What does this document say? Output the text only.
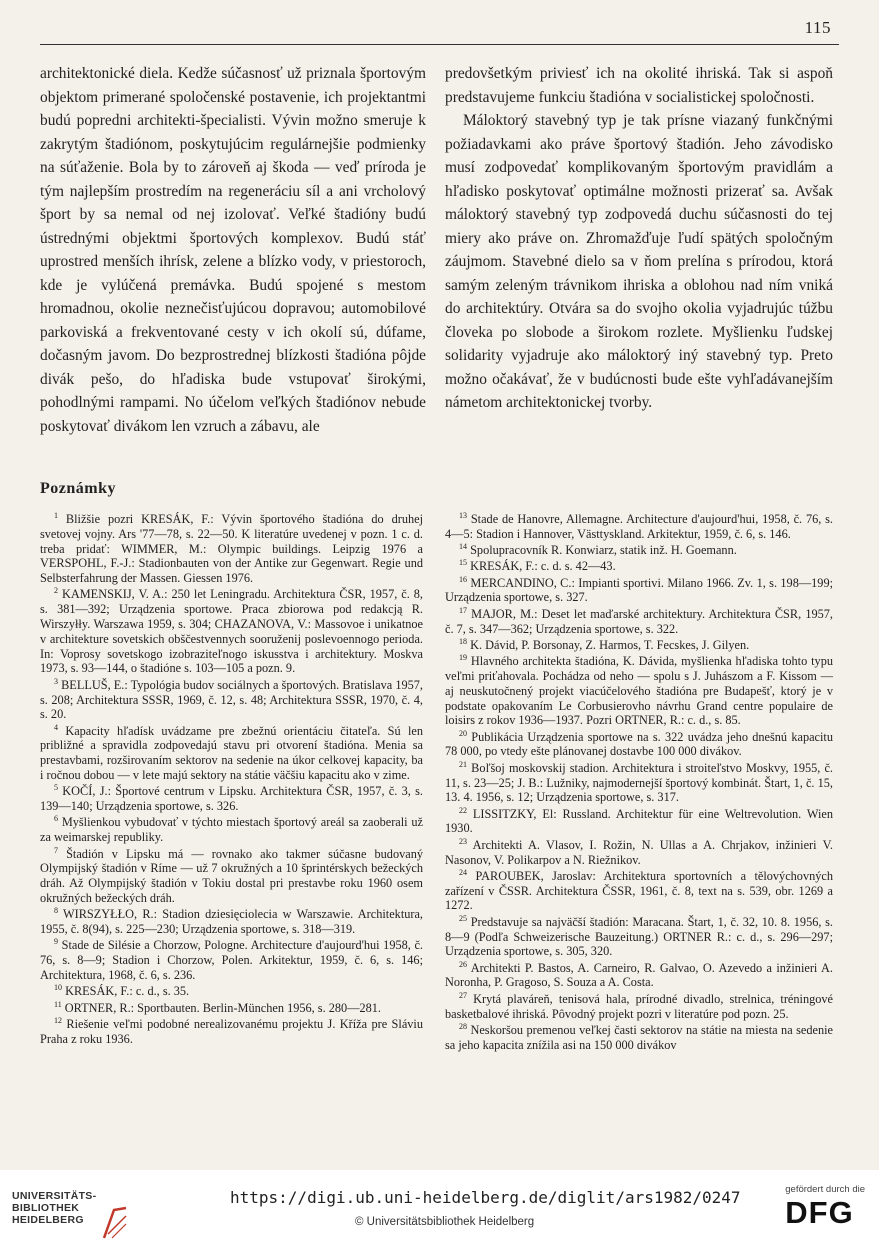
115

architektonické diela. Kedže súčasnosť už priznala športovým objektom primerané spoločenské postavenie, ich projektantmi budú popredni architekti-špecialisti. Vývin možno smeruje k zakrytým štadiónom, poskytujúcim regulárnejšie podmienky na súťaženie. Bola by to zároveň aj škoda — veď príroda je tým najlepším prostredím na regeneráciu síl a ani vrcholový šport by sa nemal od nej izolovať. Veľké štadióny budú ústrednými objektmi športových komplexov. Budú stáť uprostred menších ihrísk, zelene a blízko vody, v priestoroch, kde je vylúčená premávka. Budú spojené s mestom hromadnou, okolie neznečisťujúcou dopravou; automobilové parkoviská a frekventované cesty v ich okolí sú, dúfame, dočasným javom. Do bezprostrednej blízkosti štadióna pôjde divák pešo, do hľadiska bude vstupovať širokými, pohodlnými rampami. No účelom veľkých štadiónov nebude poskytovať divákom len vzruch a zábavu, ale

predovšetkým priviesť ich na okolité ihriská. Tak si aspoň predstavujeme funkciu štadióna v socialistickej spoločnosti.

Máloktorý stavebný typ je tak prísne viazaný funkčnými požiadavkami ako práve športový štadión. Jeho závodisko musí zodpovedať komplikovaným športovým pravidlám a hľadisko poskytovať optimálne možnosti prizerať sa. Avšak máloktorý stavebný typ zodpovedá duchu súčasnosti do tej miery ako práve on. Zhromažďuje ľudí spätých spoločným záujmom. Stavebné dielo sa v ňom prelína s prírodou, ktorá samým zeleným trávnikom ihriska a oblohou nad ním vniká do architektúry. Otvára sa do svojho okolia vyjadrujúc túžbu človeka po slobode a širokom rozlete. Myšlienku ľudskej solidarity vyjadruje ako máloktorý iný stavebný typ. Preto možno očakávať, že v budúcnosti bude ešte vyhľadávanejším námetom architektonickej tvorby.

Poznámky

$^1$ Bližšie pozri KRESÁK, F.: Vývin športového štadióna do druhej svetovej vojny. Ars '77—78, s. 22—50. K literatúre uvedenej v pozn. 1 c. d. treba pridať: WIMMER, M.: Olympic buildings. Leipzig 1976 a VERSPOHL, F.-J.: Stadionbauten von der Antike zur Gegenwart. Regie und Selbsterfahrung der Massen. Giessen 1976.

$^2$ KAMENSKIJ, V. A.: 250 let Leningradu. Architektura ČSR, 1957, č. 8, s. 381—392; Urządzenia sportowe. Praca zbiorowa pod redakcją R. Wirszyłły. Warszawa 1959, s. 304; CHAZANOVA, V.: Massovoe i unikatnoe v architekture sovetskich obščestvennych sooruženij poslevoennogo perioda. In: Voprosy sovetskogo izobraziteľnogo iskusstva i architektury. Moskva 1973, s. 93—144, o štadióne s. 103—105 a pozn. 9.

$^3$ BELLUŠ, E.: Typológia budov sociálnych a športových. Bratislava 1957, s. 208; Architektura SSSR, 1969, č. 12, s. 48; Architektura SSSR, 1970, č. 4, s. 20.

$^4$ Kapacity hľadísk uvádzame pre zbežnú orientáciu čitateľa. Sú len približné a spravidla zodpovedajú stavu pri otvorení štadióna. Menia sa prestavbami, rozširovaním sektorov na sedenie na úkor celkovej kapacity, ba i ročnou dobou — v lete majú sektory na státie väčšiu kapacitu ako v zime.

$^5$ KOČÍ, J.: Športové centrum v Lipsku. Architektura ČSR, 1957, č. 3, s. 139—140; Urządzenia sportowe, s. 326.

$^6$ Myšlienkou vybudovať v týchto miestach športový areál sa zaoberali už za weimarskej republiky.

$^7$ Štadión v Lipsku má — rovnako ako takmer súčasne budovaný Olympijský štadión v Ríme — už 7 okružných a 10 šprintérskych bežeckých dráh. Až Olympijský štadión v Tokiu dostal pri prestavbe roku 1960 osem okružných bežeckých dráh.

$^8$ WIRSZYŁŁO, R.: Stadion dziesięciolecia w Warszawie. Architektura, 1955, č. 8(94), s. 225—230; Urządzenia sportowe, s. 318—319.

$^9$ Stade de Silésie a Chorzow, Pologne. Architecture d'aujourd'hui 1958, č. 76, s. 8—9; Stadion i Chorzow, Polen. Arkitektur, 1959, č. 6, s. 146; Architektura, 1968, č. 6, s. 236.

$^{10}$ KRESÁK, F.: c. d., s. 35.

$^{11}$ ORTNER, R.: Sportbauten. Berlin-München 1956, s. 280—281.

$^{12}$ Riešenie veľmi podobné nerealizovanému projektu J. Kříža pre Sláviu Praha z roku 1936.

$^{13}$ Stade de Hanovre, Allemagne. Architecture d'aujourd'hui, 1958, č. 76, s. 4—5: Stadion i Hannover, Västtyskland. Arkitektur, 1959, č. 6, s. 146.

$^{14}$ Spolupracovník R. Konwiarz, statik inž. H. Goemann.

$^{15}$ KRESÁK, F.: c. d. s. 42—43.

$^{16}$ MERCANDINO, C.: Impianti sportivi. Milano 1966. Zv. 1, s. 198—199; Urządzenia sportowe, s. 327.

$^{17}$ MAJOR, M.: Deset let maďarské architektury. Architektura ČSR, 1957, č. 7, s. 347—362; Urządzenia sportowe, s. 322.

$^{18}$ K. Dávid, P. Borsonay, Z. Harmos, T. Fecskes, J. Gilyen.

$^{19}$ Hlavného architekta štadióna, K. Dávida, myšlienka hľadiska tohto typu veľmi priťahovala. Pochádza od neho — spolu s J. Juhászom a F. Kissom — aj neuskutočnený projekt viacúčelového štadióna pre Budapešť, ktorý je v podstate opakovaním Le Corbusierovho návrhu Grand centre populaire de loisirs z rokov 1936—1937. Pozri ORTNER, R.: c. d., s. 85.

$^{20}$ Publikácia Urządzenia sportowe na s. 322 uvádza jeho dnešnú kapacitu 78 000, po vtedy ešte plánovanej dostavbe 100 000 divákov.

$^{21}$ Boľšoj moskovskij stadion. Architektura i stroiteľstvo Moskvy, 1955, č. 11, s. 23—25; J. B.: Lužniky, najmodernejší športový kombinát. Štart, 1, č. 15, 13. 4. 1956, s. 12; Urządzenia sportowe, s. 317.

$^{22}$ LISSITZKY, El: Russland. Architektur für eine Weltrevolution. Wien 1930.

$^{23}$ Architekti A. Vlasov, I. Rožin, N. Ullas a A. Chrjakov, inžinieri V. Nasonov, V. Polikarpov a N. Riežnikov.

$^{24}$ PAROUBEK, Jaroslav: Architektura sportovních a tělovýchovných zařízení v ČSSR. Architektura ČSSR, 1961, č. 8, text na s. 539, obr. 1269 a 1272.

$^{25}$ Predstavuje sa najväčší štadión: Maracana. Štart, 1, č. 32, 10. 8. 1956, s. 8—9 (Podľa Schweizerische Bauzeitung.) ORTNER R.: c. d., s. 296—297; Urządzenia sportowe, s. 305, 320.

$^{26}$ Architekti P. Bastos, A. Carneiro, R. Galvao, O. Azevedo a inžinieri A. Noronha, P. Gragoso, S. Souza a A. Costa.

$^{27}$ Krytá plaváreň, tenisová hala, prírodné divadlo, strelnica, tréningové basketbalové ihriská. Pôvodný projekt pozri v literatúre pod pozn. 25.

$^{28}$ Neskoršou premenou veľkej časti sektorov na státie na miesta na sedenie sa jeho kapacita znížila asi na 150 000 divákov

UNIVERSITÄTS-
BIBLIOTHEK
HEIDELBERG
https://digi.ub.uni-heidelberg.de/diglit/ars1982/0247
© Universitätsbibliothek Heidelberg
gefördert durch die
DFG
